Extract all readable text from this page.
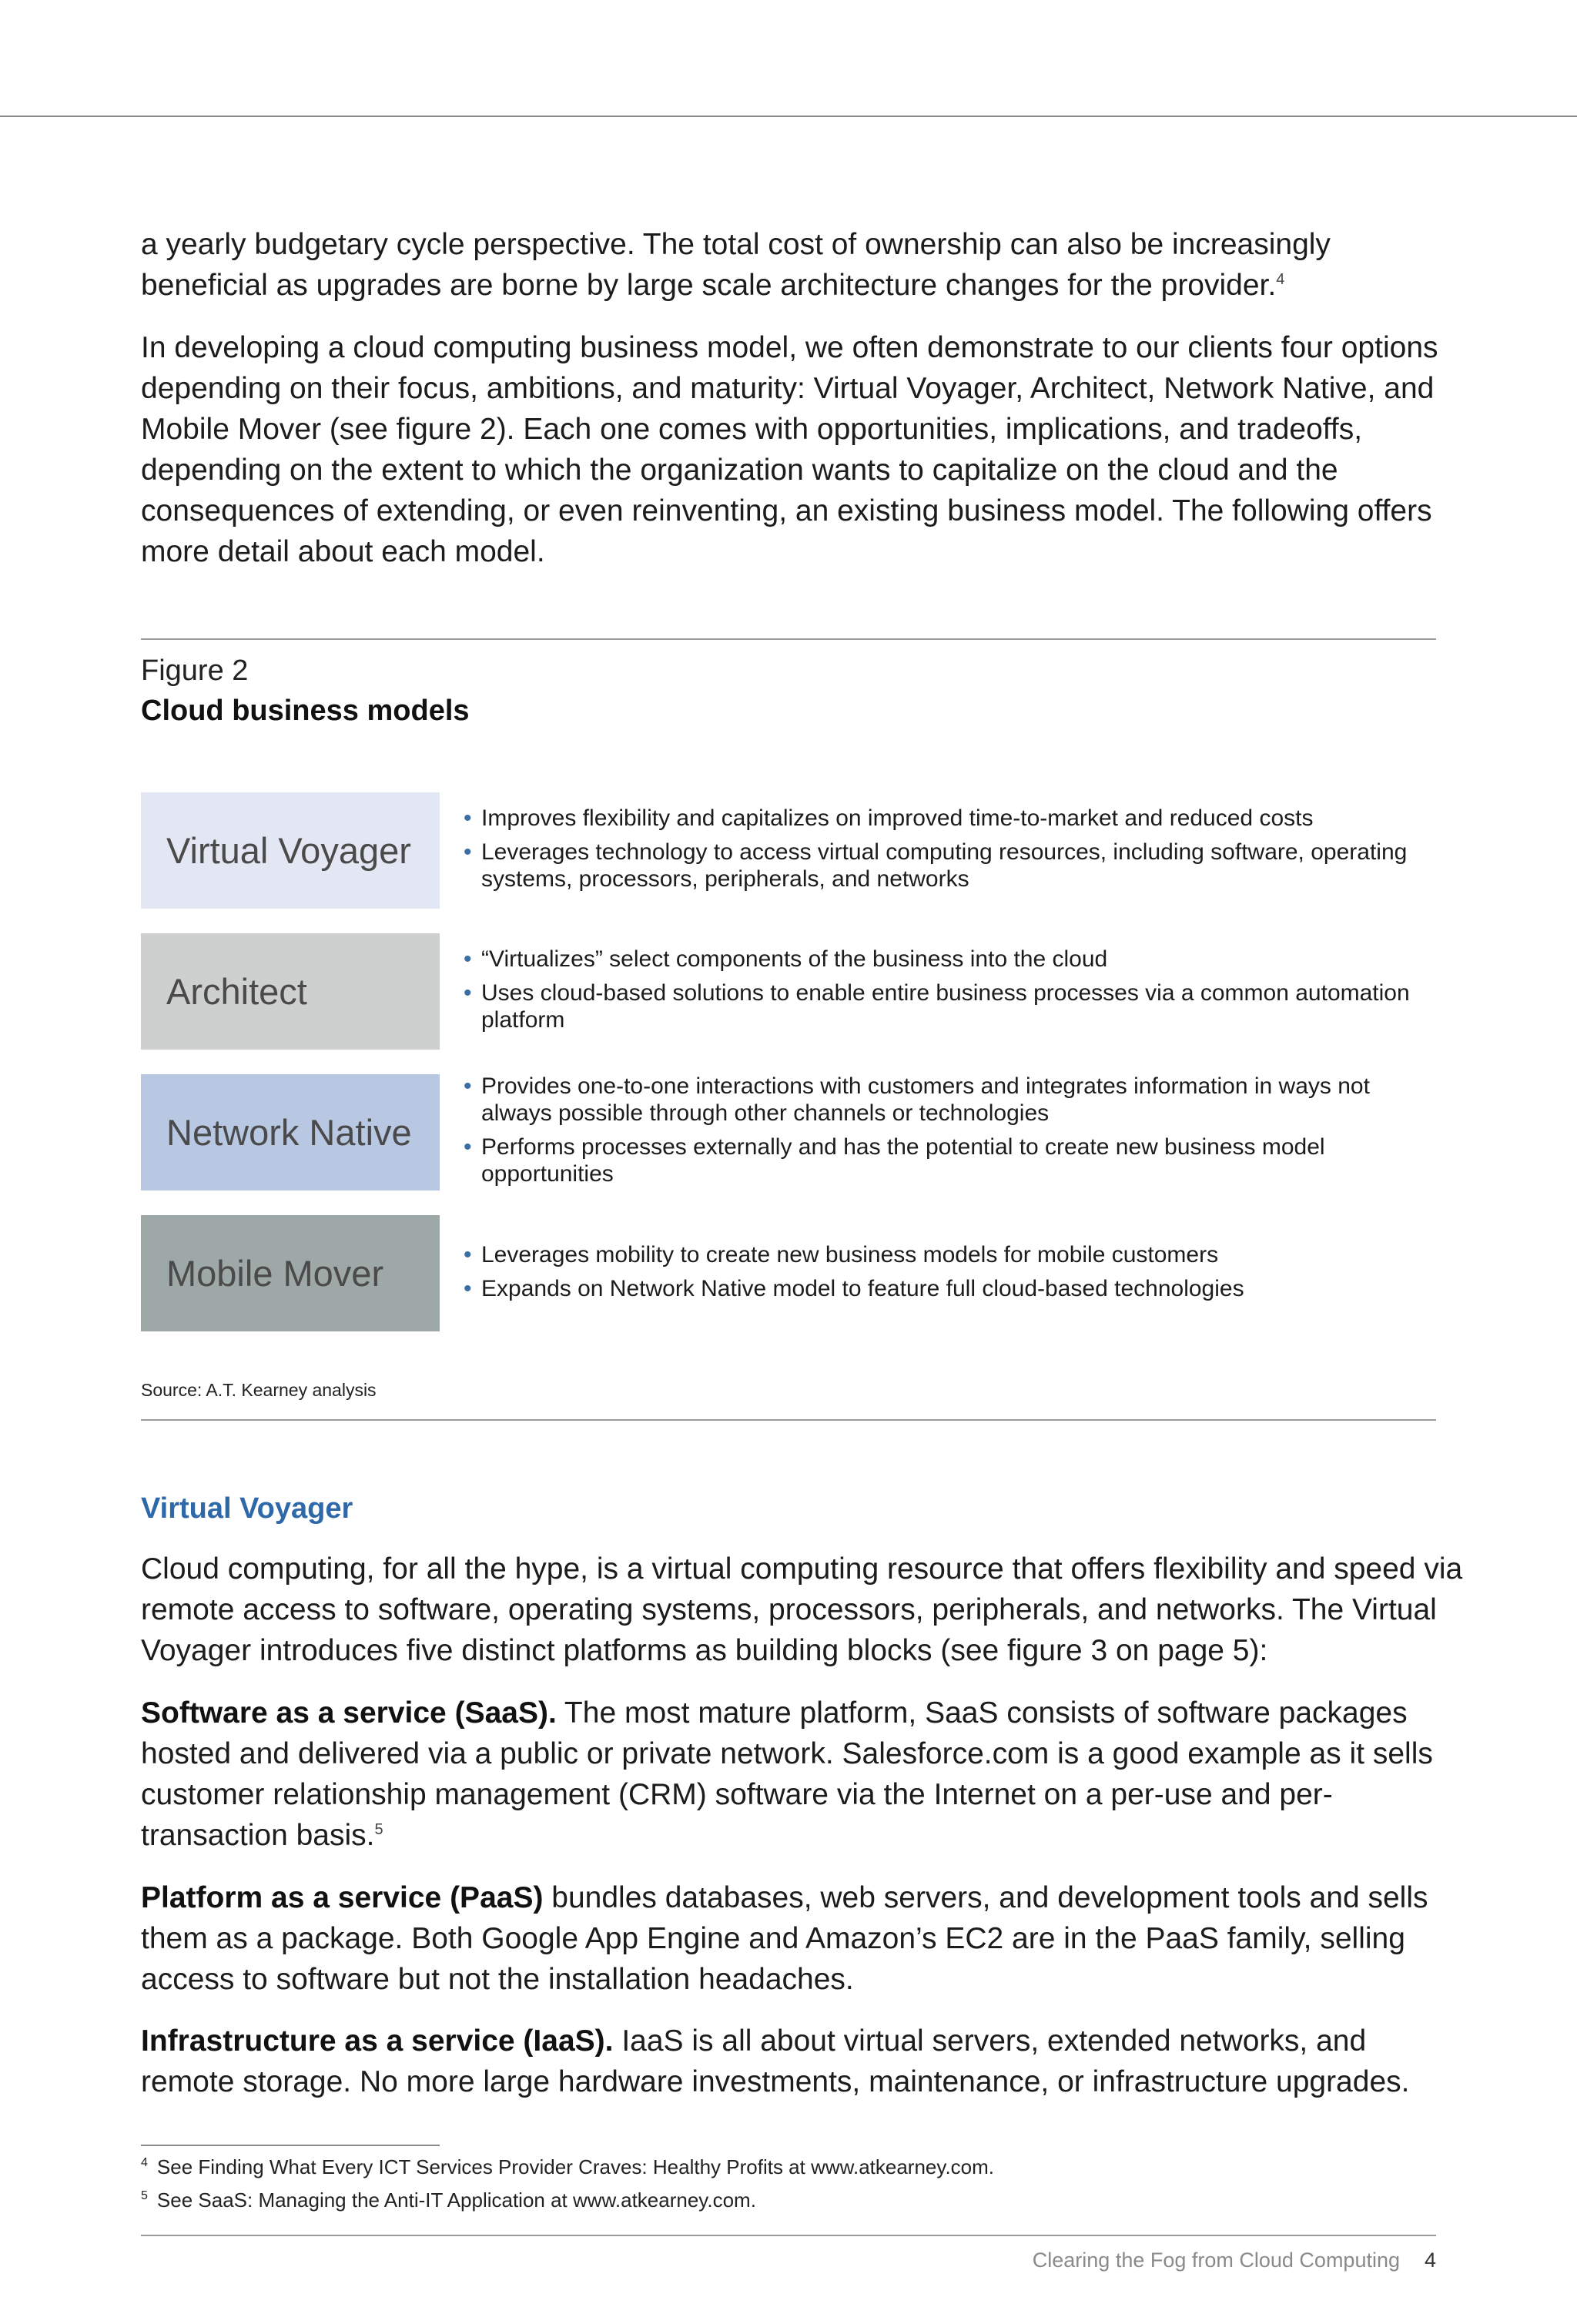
a yearly budgetary cycle perspective. The total cost of ownership can also be increasingly beneficial as upgrades are borne by large scale architecture changes for the provider.$^4$

In developing a cloud computing business model, we often demonstrate to our clients four options depending on their focus, ambitions, and maturity: Virtual Voyager, Architect, Network Native, and Mobile Mover (see figure 2). Each one comes with opportunities, implications, and tradeoffs, depending on the extent to which the organization wants to capitalize on the cloud and the consequences of extending, or even reinventing, an existing business model. The following offers more detail about each model.

Figure 2
Cloud business models
Virtual Voyager
• Improves flexibility and capitalizes on improved time-to-market and reduced costs
• Leverages technology to access virtual computing resources, including software, operating systems, processors, peripherals, and networks
Architect
• “Virtualizes” select components of the business into the cloud
• Uses cloud-based solutions to enable entire business processes via a common automation platform
Network Native
• Provides one-to-one interactions with customers and integrates information in ways not always possible through other channels or technologies
• Performs processes externally and has the potential to create new business model opportunities
Mobile Mover	• Leverages mobility to create new business models for mobile customers
• Expands on Network Native model to feature full cloud-based technologies
Source: A.T. Kearney analysis
Virtual Voyager

Cloud computing, for all the hype, is a virtual computing resource that offers flexibility and speed via remote access to software, operating systems, processors, peripherals, and networks. The Virtual Voyager introduces five distinct platforms as building blocks (see figure 3 on page 5):

Software as a service (SaaS). The most mature platform, SaaS consists of software packages hosted and delivered via a public or private network. Salesforce.com is a good example as it sells customer relationship management (CRM) software via the Internet on a per-use and per-transaction basis.$^5$

Platform as a service (PaaS) bundles databases, web servers, and development tools and sells them as a package. Both Google App Engine and Amazon’s EC2 are in the PaaS family, selling access to software but not the installation headaches.

Infrastructure as a service (IaaS). IaaS is all about virtual servers, extended networks, and remote storage. No more large hardware investments, maintenance, or infrastructure upgrades.

$^4$ See Finding What Every ICT Services Provider Craves: Healthy Profits at www.atkearney.com.
$^5$ See SaaS: Managing the Anti-IT Application at www.atkearney.com.
Clearing the Fog from Cloud Computing 4
